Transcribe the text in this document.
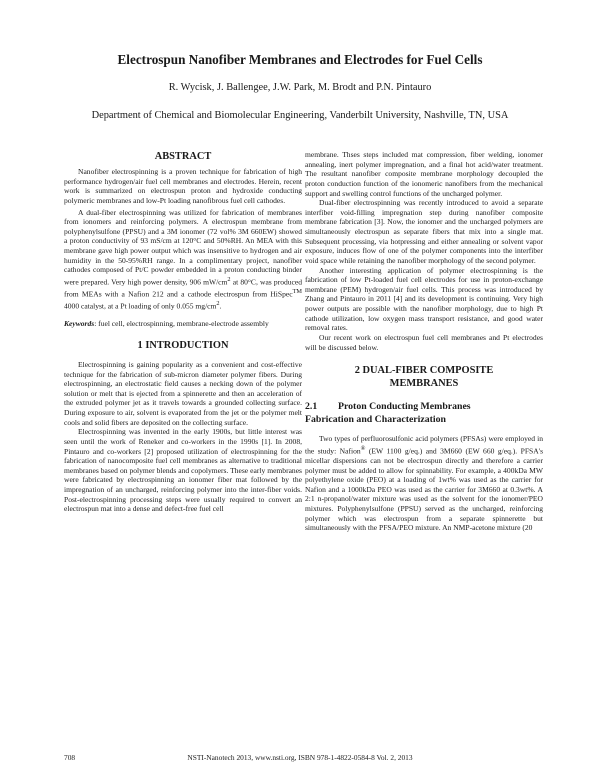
Electrospun Nanofiber Membranes and Electrodes for Fuel Cells
R. Wycisk, J. Ballengee, J.W. Park, M. Brodt and P.N. Pintauro
Department of Chemical and Biomolecular Engineering, Vanderbilt University, Nashville, TN, USA
ABSTRACT

Nanofiber electrospinning is a proven technique for fabrication of high performance hydrogen/air fuel cell membranes and electrodes. Herein, recent work is summarized on electrospun proton and hydroxide conducting polymeric membranes and low-Pt loading nanofibrous fuel cell cathodes.

A dual-fiber electrospinning was utilized for fabrication of membranes from ionomers and reinforcing polymers. A electrospun membrane from polyphenylsulfone (PPSU) and a 3M ionomer (72 vol% 3M 660EW) showed a proton conductivity of 93 mS/cm at 120°C and 50%RH. An MEA with this membrane gave high power output which was insensitive to hydrogen and air humidity in the 50-95%RH range. In a complimentary project, nanofiber cathodes composed of Pt/C powder embedded in a proton conducting binder were prepared. Very high power density, 906 $mW/cm^2$ at 80°C, was produced from MEAs with a Nafion 212 and a cathode electrospun from HiSpec™ 4000 catalyst, at a Pt loading of only 0.055 $mg/cm^2$.

Keywords: fuel cell, electrospinning, membrane-electrode assembly

1 INTRODUCTION

Electrospinning is gaining popularity as a convenient and cost-effective technique for the fabrication of sub-micron diameter polymer fibers. During electrospinning, an electrostatic field causes a necking down of the polymer solution or melt that is ejected from a spinnerette and then an acceleration of the extruded polymer jet as it travels towards a grounded collecting surface. During exposure to air, solvent is evaporated from the jet or the polymer melt cools and solid fibers are deposited on the collecting surface.

Electrospinning was invented in the early 1900s, but little interest was seen until the work of Reneker and co-workers in the 1990s [1]. In 2008, Pintauro and co-workers [2] proposed utilization of electrospinning for the fabrication of nanocomposite fuel cell membranes as alternative to traditional membranes based on polymer blends and copolymers. These early membranes were fabricated by electrospinning an ionomer fiber mat followed by the impregnation of an uncharged, reinforcing polymer into the inter-fiber voids. Post-electrospinning processing steps were usually required to convert an electrospun mat into a dense and defect-free fuel cell

membrane. Thses steps included mat compression, fiber welding, ionomer annealing, inert polymer impregnation, and a final hot acid/water treatment. The resultant nanofiber composite membrane morphology decoupled the proton conduction function of the ionomeric nanofibers from the mechanical support and swelling control functions of the uncharged polymer.

Dual-fiber electrospinning was recently introduced to avoid a separate interfiber void-filling impregnation step during nanofiber composite membrane fabrication [3]. Now, the ionomer and the uncharged polymers are simultaneously electrospun as separate fibers that mix into a single mat. Subsequent processing, via hotpressing and either annealing or solvent vapor exposure, induces flow of one of the polymer components into the interfiber void space while retaining the nanofiber morphology of the second polymer.

Another interesting application of polymer electrospinning is the fabrication of low Pt-loaded fuel cell electrodes for use in proton-exchange membrane (PEM) hydrogen/air fuel cells. This process was introduced by Zhang and Pintauro in 2011 [4] and its development is continuing. Very high power outputs are possible with the nanofiber morphology, due to high Pt cathode utilization, low oxygen mass transport resistance, and good water removal rates.

Our recent work on electrospun fuel cell membranes and Pt electrodes will be discussed below.

2 DUAL-FIBER COMPOSITE
MEMBRANES
2.1 Proton Conducting Membranes
Fabrication and Characterization

Two types of perfluorosulfonic acid polymers (PFSAs) were employed in the study: Nafion® (EW 1100 g/eq.) and 3M660 (EW 660 g/eq.). PFSA's micellar dispersions can not be electrospun directly and therefore a carrier polymer must be added to allow for spinnability. For example, a 400kDa MW polyethylene oxide (PEO) at a loading of 1wt% was used as the carrier for Nafion and a 1000kDa PEO was used as the carrier for 3M660 at 0.3wt%. A 2:1 n-propanol/water mixture was used as the solvent for the ionomer/PEO mixtures. Polyphenylsulfone (PPSU) served as the uncharged, reinforcing polymer which was electrospun from a separate spinnerette but simultaneously with the PFSA/PEO mixture. An NMP-acetone mixture (20

708	NSTI-Nanotech 2013, www.nsti.org, ISBN 978-1-4822-0584-8 Vol. 2, 2013
